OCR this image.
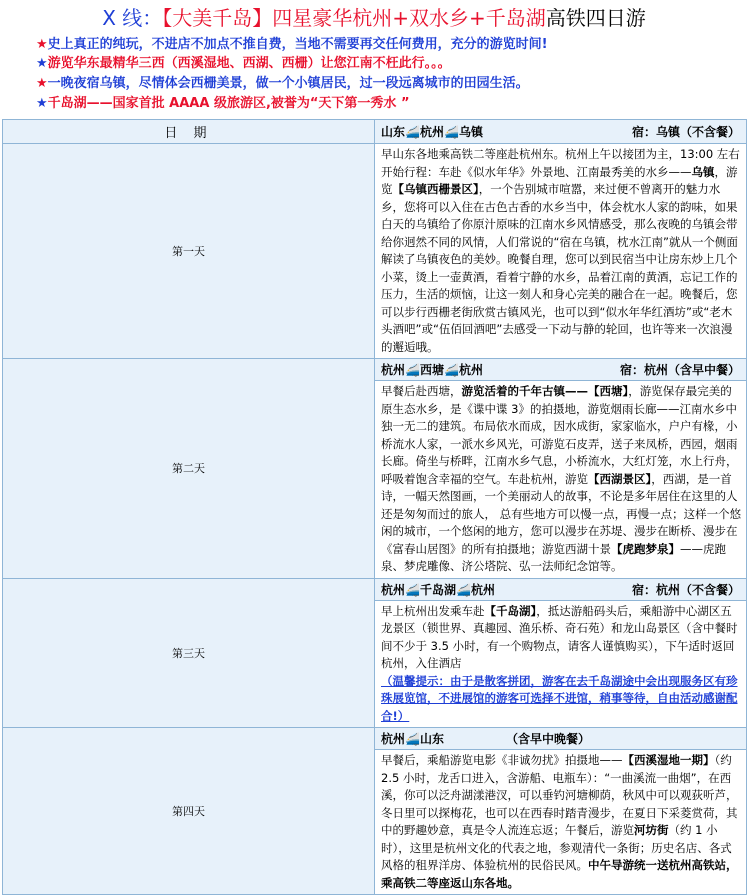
X 线：【大美千岛】四星豪华杭州+双水乡+千岛湖高铁四日游
★史上真正的纯玩，不进店不加点不推自费，当地不需要再交任何费用，充分的游览时间!
★游览华东最精华三西（西溪湿地、西湖、西栅）让您江南不枉此行。。。
★一晚夜宿乌镇，尽情体会西栅美景，做一个小镇居民，过一段远离城市的田园生活。
★千岛湖——国家首批 AAAA 级旅游区,被誉为“天下第一秀水 ”
日 期	山东🚄杭州🚄乌镇 宿：乌镇（不含餐）

第一天	早山东各地乘高铁二等座赴杭州东。杭州上午以接团为主，13:00 左右开始行程：车赴《似水年华》外景地、江南最秀美的水乡——乌镇，游览【乌镇西栅景区】，一个告别城市喧嚣，来过便不曾离开的魅力水乡，您将可以入住在古色古香的水乡当中，体会枕水人家的韵味，如果白天的乌镇给了你原汁原味的江南水乡风情感受，那么夜晚的乌镇会带给你迥然不同的风情，人们常说的“宿在乌镇，枕水江南”就从一个侧面解读了乌镇夜色的美妙。晚餐自理，您可以到民宿当中让房东炒上几个小菜，烫上一壶黄酒，看着宁静的水乡，品着江南的黄酒，忘记工作的压力，生活的烦恼，让这一刻人和身心完美的融合在一起。晚餐后，您可以步行西栅老街欣赏古镇风光，也可以到“似水年华红酒坊”或“老木头酒吧”或“伍佰回酒吧”去感受一下动与静的轮回，也许等来一次浪漫的邂逅哦。
第二天	杭州🚄西塘🚄杭州 宿：杭州（含早中餐）

	早餐后赴西塘，游览活着的千年古镇——【西塘】，游览保存最完美的原生态水乡，是《谍中谍 3》的拍摄地，游览烟雨长廊——江南水乡中独一无二的建筑。布局依水而成，因水成街，家家临水，户户有椽，小桥流水人家，一派水乡风光，可游览石皮弄，送子来凤桥，西园，烟雨长廊。倚坐与桥畔，江南水乡气息，小桥流水，大红灯笼，水上行舟，呼吸着饱含幸福的空气。车赴杭州，游览【西湖景区】，西湖，是一首诗，一幅天然图画，一个美丽动人的故事，不论是多年居住在这里的人还是匆匆而过的旅人， 总有些地方可以慢一点，再慢一点；这样一个悠闲的城市，一个悠闲的地方，您可以漫步在苏堤、漫步在断桥、漫步在《富春山居图》的所有拍摄地；游览西湖十景【虎跑梦泉】——虎跑泉、梦虎雕像、济公塔院、弘一法师纪念馆等。
第三天	杭州🚄千岛湖🚄杭州 宿：杭州（不含餐）

	早上杭州出发乘车赴【千岛湖】，抵达游船码头后，乘船游中心湖区五龙景区（锁世界、真趣园、渔乐桥、奇石苑）和龙山岛景区（含中餐时间不少于 3.5 小时，有一个购物点，请客人谨慎购买），下午适时返回杭州，入住酒店
（温馨提示：由于是散客拼团，游客在去千岛湖途中会出现服务区有珍珠展览馆，不进展馆的游客可选择不进馆，稍事等待，自由活动感谢配合!）
第四天	杭州🚄山东 （含早中晚餐）

	早餐后，乘船游览电影《非诚勿扰》拍摄地——【西溪湿地一期】（约 2.5 小时，龙舌口进入，含游船、电瓶车）：“一曲溪流一曲烟”，在西溪，你可以泛舟湖漾港汊，可以垂钓河塘柳荫，秋风中可以观荻听芦，冬日里可以探梅花，也可以在西春时踏青漫步，在夏日下采菱赏荷，其中的野趣妙意，真是令人流连忘返；午餐后，游览河坊街（约 1 小时），这里是杭州文化的代表之地，参观清代一条街；历史名店、各式风格的租界洋房、体验杭州的民俗民风。中午导游统一送杭州高铁站，乘高铁二等座返山东各地。
